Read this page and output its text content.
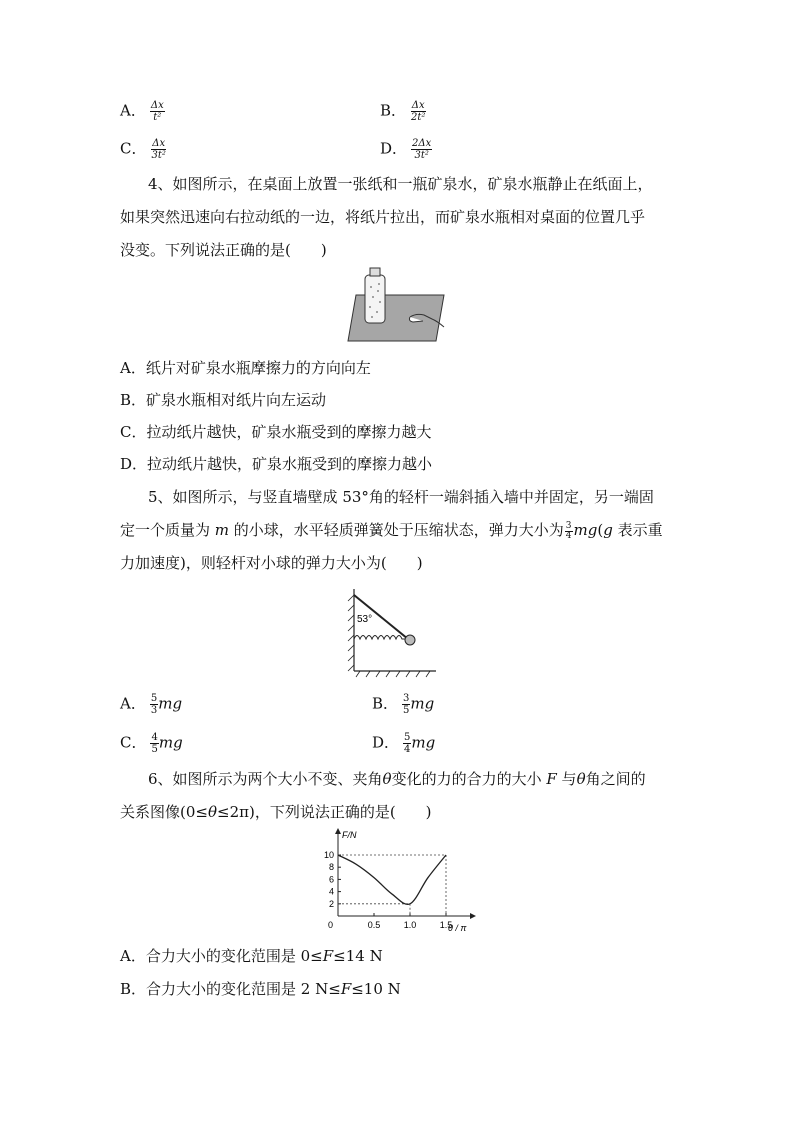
A． $\frac{\Delta x}{\text{t²}}$	B． $\frac{\Delta x}{\text{2t²}}$
C． $\frac{\Delta x}{\text{3t²}}$	D． $\frac{2\Delta x}{\text{3t²}}$
4、如图所示，在桌面上放置一张纸和一瓶矿泉水，矿泉水瓶静止在纸面上，
如果突然迅速向右拉动纸的一边，将纸片拉出，而矿泉水瓶相对桌面的位置几乎
没变。下列说法正确的是(　　)
A．纸片对矿泉水瓶摩擦力的方向向左
B．矿泉水瓶相对纸片向左运动
C．拉动纸片越快，矿泉水瓶受到的摩擦力越大
D．拉动纸片越快，矿泉水瓶受到的摩擦力越小
5、如图所示，与竖直墙壁成 53°角的轻杆一端斜插入墙中并固定，另一端固
定一个质量为 m 的小球，水平轻质弹簧处于压缩状态，弹力大小为 $\frac{3}{4} mg(g$ 表示重
力加速度)，则轻杆对小球的弹力大小为(　　)
53°
A． $\frac{5}{3}$ mg	B． $\frac{3}{5}$ mg
C． $\frac{4}{5}$ mg	D． $\frac{5}{4}$ mg
6、如图所示为两个大小不变、夹角θ变化的力的合力的大小 F 与θ角之间的
关系图像(0≤θ≤2π)，下列说法正确的是(　　)
F/N
θ / π
0
10
8
6
4
2
0.5	1.0	1.5
A．合力大小的变化范围是 0≤F≤14 N
B．合力大小的变化范围是 2 N≤F≤10 N
